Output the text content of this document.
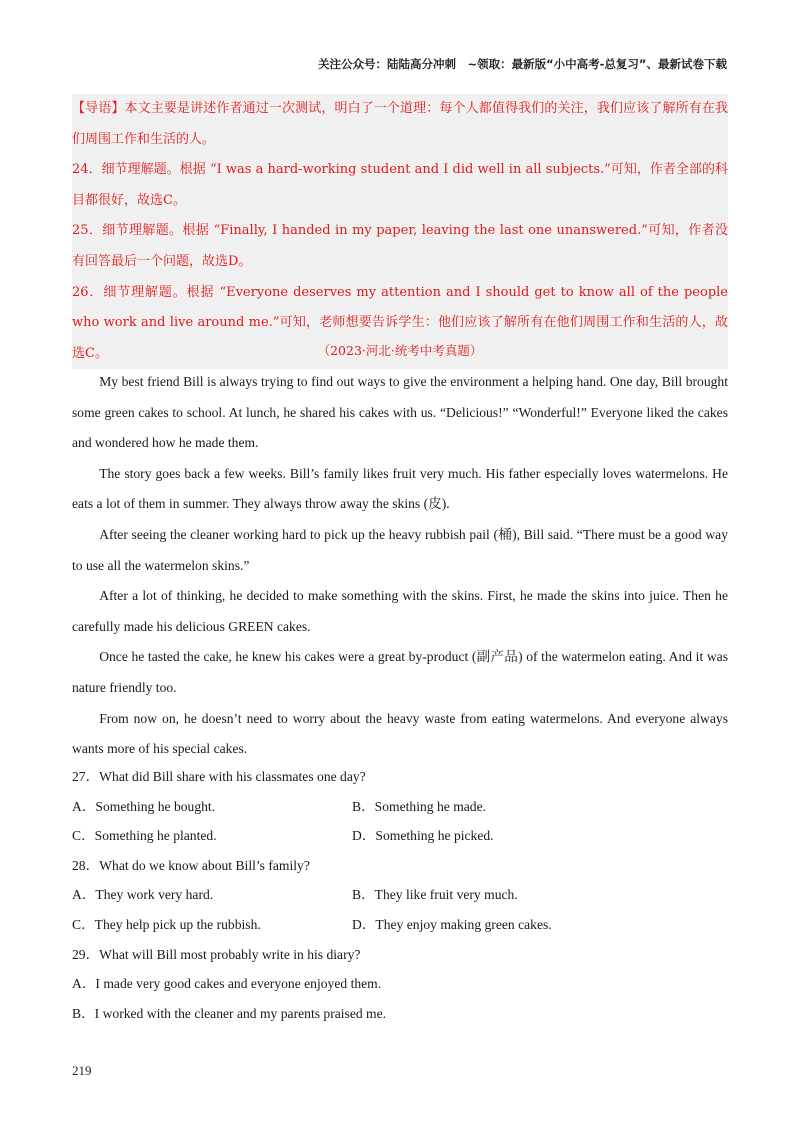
关注公众号：陆陆高分冲刺　~领取：最新版“小中高考-总复习”、最新试卷下载

【导语】本文主要是讲述作者通过一次测试，明白了一个道理：每个人都值得我们的关注，我们应该了解所有在我们周围工作和生活的人。

24．细节理解题。根据 “I was a hard-working student and I did well in all subjects.”可知，作者全部的科目都很好，故选C。

25．细节理解题。根据 “Finally, I handed in my paper, leaving the last one unanswered.”可知，作者没有回答最后一个问题，故选D。

26．细节理解题。根据 “Everyone deserves my attention and I should get to know all of the people who work and live around me.”可知，老师想要告诉学生：他们应该了解所有在他们周围工作和生活的人，故选C。	（2023·河北·统考中考真题）

My best friend Bill is always trying to find out ways to give the environment a helping hand. One day, Bill brought some green cakes to school. At lunch, he shared his cakes with us. “Delicious!” “Wonderful!” Everyone liked the cakes and wondered how he made them.

The story goes back a few weeks. Bill’s family likes fruit very much. His father especially loves watermelons. He eats a lot of them in summer. They always throw away the skins (皮).

After seeing the cleaner working hard to pick up the heavy rubbish pail (桶), Bill said. “There must be a good way to use all the watermelon skins.”

After a lot of thinking, he decided to make something with the skins. First, he made the skins into juice. Then he carefully made his delicious GREEN cakes.

Once he tasted the cake, he knew his cakes were a great by-product (副产品) of the watermelon eating. And it was nature friendly too.

From now on, he doesn’t need to worry about the heavy waste from eating watermelons. And everyone always wants more of his special cakes.

27．What did Bill share with his classmates one day?
A．Something he bought.	B．Something he made.
C．Something he planted.	D．Something he picked.
28．What do we know about Bill’s family?
A．They work very hard.	B．They like fruit very much.
C．They help pick up the rubbish.	D．They enjoy making green cakes.
29．What will Bill most probably write in his diary?
A．I made very good cakes and everyone enjoyed them.
B．I worked with the cleaner and my parents praised me.
219
